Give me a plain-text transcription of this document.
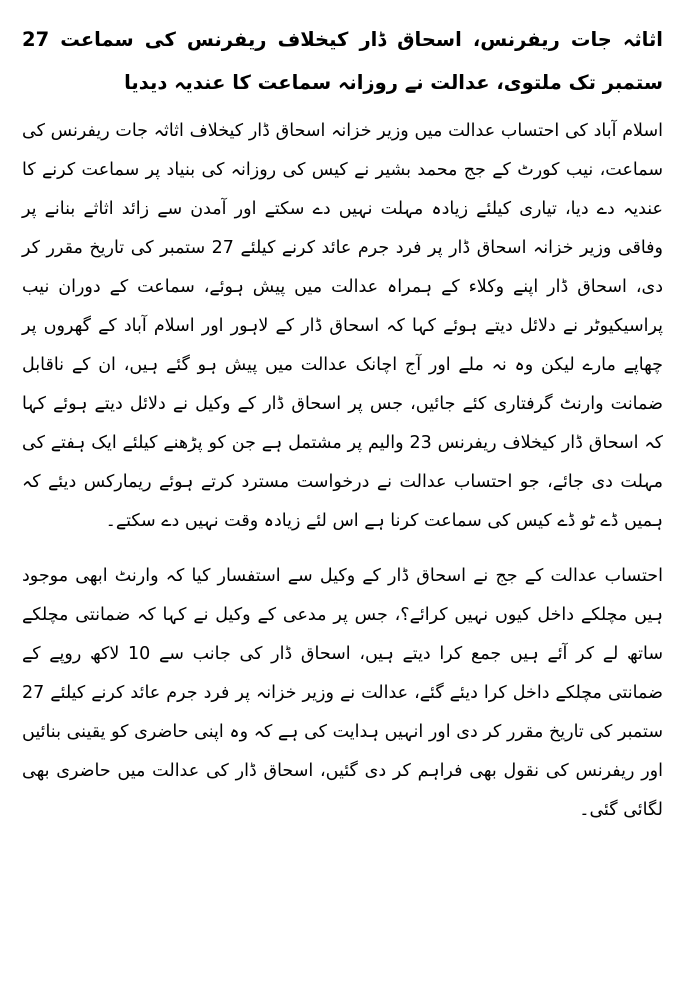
اثاثہ جات ریفرنس، اسحاق ڈار کیخلاف ریفرنس کی سماعت 27 ستمبر تک ملتوی، عدالت نے روزانہ سماعت کا عندیہ دیدیا

اسلام آباد کی احتساب عدالت میں وزیر خزانہ اسحاق ڈار کیخلاف اثاثہ جات ریفرنس کی سماعت، نیب کورٹ کے جج محمد بشیر نے کیس کی روزانہ کی بنیاد پر سماعت کرنے کا عندیہ دے دیا، تیاری کیلئے زیادہ مہلت نہیں دے سکتے اور آمدن سے زائد اثاثے بنانے پر وفاقی وزیر خزانہ اسحاق ڈار پر فرد جرم عائد کرنے کیلئے 27 ستمبر کی تاریخ مقرر کر دی، اسحاق ڈار اپنے وکلاء کے ہمراہ عدالت میں پیش ہوئے، سماعت کے دوران نیب پراسیکیوٹر نے دلائل دیتے ہوئے کہا کہ اسحاق ڈار کے لاہور اور اسلام آباد کے گھروں پر چھاپے مارے لیکن وہ نہ ملے اور آج اچانک عدالت میں پیش ہو گئے ہیں، ان کے ناقابل ضمانت وارنٹ گرفتاری کئے جائیں، جس پر اسحاق ڈار کے وکیل نے دلائل دیتے ہوئے کہا کہ اسحاق ڈار کیخلاف ریفرنس 23 والیم پر مشتمل ہے جن کو پڑھنے کیلئے ایک ہفتے کی مہلت دی جائے، جو احتساب عدالت نے درخواست مسترد کرتے ہوئے ریمارکس دیئے کہ ہمیں ڈے ٹو ڈے کیس کی سماعت کرنا ہے اس لئے زیادہ وقت نہیں دے سکتے۔

احتساب عدالت کے جج نے اسحاق ڈار کے وکیل سے استفسار کیا کہ وارنٹ ابھی موجود ہیں مچلکے داخل کیوں نہیں کرائے؟، جس پر مدعی کے وکیل نے کہا کہ ضمانتی مچلکے ساتھ لے کر آئے ہیں جمع کرا دیتے ہیں، اسحاق ڈار کی جانب سے 10 لاکھ روپے کے ضمانتی مچلکے داخل کرا دیئے گئے، عدالت نے وزیر خزانہ پر فرد جرم عائد کرنے کیلئے 27 ستمبر کی تاریخ مقرر کر دی اور انہیں ہدایت کی ہے کہ وہ اپنی حاضری کو یقینی بنائیں اور ریفرنس کی نقول بھی فراہم کر دی گئیں، اسحاق ڈار کی عدالت میں حاضری بھی لگائی گئی۔
